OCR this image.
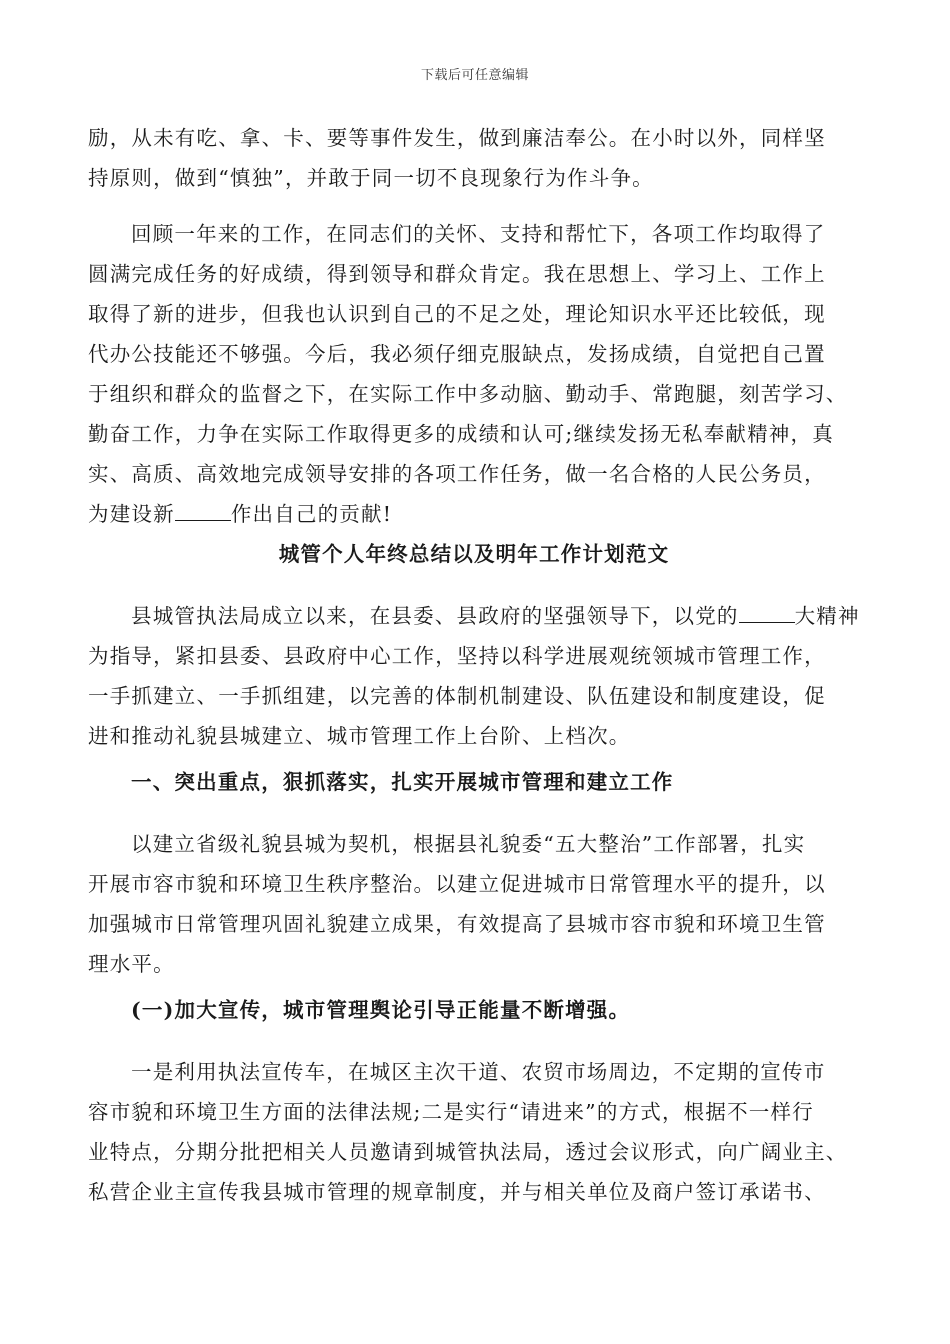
下载后可任意编辑
励，从未有吃、拿、卡、要等事件发生，做到廉洁奉公。在小时以外，同样坚
持原则，做到“慎独”，并敢于同一切不良现象行为作斗争。
回顾一年来的工作，在同志们的关怀、支持和帮忙下，各项工作均取得了
圆满完成任务的好成绩，得到领导和群众肯定。我在思想上、学习上、工作上
取得了新的进步，但我也认识到自己的不足之处，理论知识水平还比较低，现
代办公技能还不够强。今后，我必须仔细克服缺点，发扬成绩，自觉把自己置
于组织和群众的监督之下，在实际工作中多动脑、勤动手、常跑腿，刻苦学习、
勤奋工作，力争在实际工作取得更多的成绩和认可;继续发扬无私奉献精神，真
实、高质、高效地完成领导安排的各项工作任务，做一名合格的人民公务员，
为建设新	作出自己的贡献!
城管个人年终总结以及明年工作计划范文
县城管执法局成立以来，在县委、县政府的坚强领导下，以党的	大精神
为指导，紧扣县委、县政府中心工作，坚持以科学进展观统领城市管理工作，
一手抓建立、一手抓组建，以完善的体制机制建设、队伍建设和制度建设，促
进和推动礼貌县城建立、城市管理工作上台阶、上档次。
一、突出重点，狠抓落实，扎实开展城市管理和建立工作
以建立省级礼貌县城为契机，根据县礼貌委“五大整治”工作部署，扎实
开展市容市貌和环境卫生秩序整治。以建立促进城市日常管理水平的提升，以
加强城市日常管理巩固礼貌建立成果，有效提高了县城市容市貌和环境卫生管
理水平。
(一)加大宣传，城市管理舆论引导正能量不断增强。
一是利用执法宣传车，在城区主次干道、农贸市场周边，不定期的宣传市
容市貌和环境卫生方面的法律法规;二是实行“请进来”的方式，根据不一样行
业特点，分期分批把相关人员邀请到城管执法局，透过会议形式，向广阔业主、
私营企业主宣传我县城市管理的规章制度，并与相关单位及商户签订承诺书、
